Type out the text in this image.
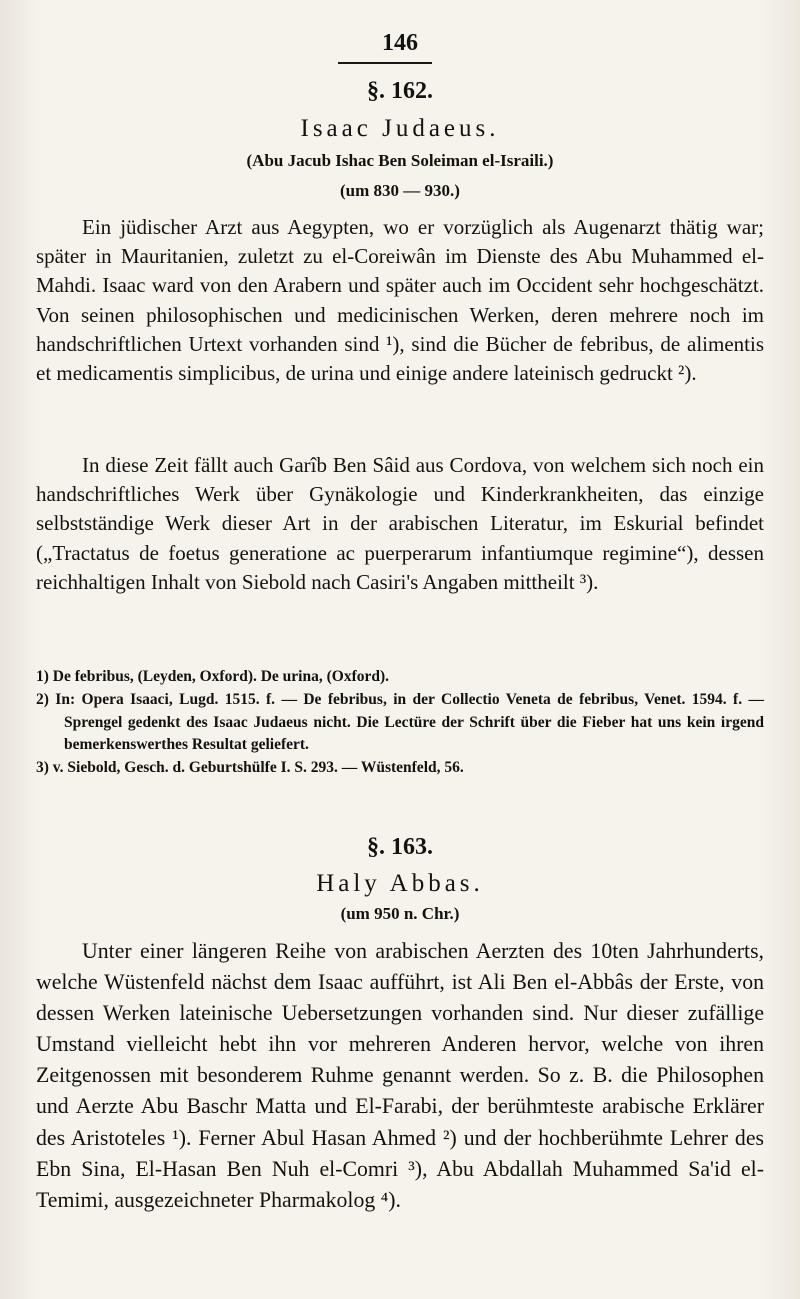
146
§. 162.
Isaac Judaeus.
(Abu Jacub Ishac Ben Soleiman el-Israili.)
(um 830 — 930.)

Ein jüdischer Arzt aus Aegypten, wo er vorzüglich als Augenarzt thätig war; später in Mauritanien, zuletzt zu el-Coreiwân im Dienste des Abu Muhammed el-Mahdi. Isaac ward von den Arabern und später auch im Occident sehr hochgeschätzt. Von seinen philosophischen und medicinischen Werken, deren mehrere noch im handschriftlichen Urtext vorhanden sind ¹), sind die Bücher de febribus, de alimentis et medicamentis simplicibus, de urina und einige andere lateinisch gedruckt ²).

In diese Zeit fällt auch Garîb Ben Sâid aus Cordova, von welchem sich noch ein handschriftliches Werk über Gynäkologie und Kinderkrankheiten, das einzige selbstständige Werk dieser Art in der arabischen Literatur, im Eskurial befindet („Tractatus de foetus generatione ac puerperarum infantiumque regimine“), dessen reichhaltigen Inhalt von Siebold nach Casiri's Angaben mittheilt ³).

1) De febribus, (Leyden, Oxford). De urina, (Oxford).
2) In: Opera Isaaci, Lugd. 1515. f. — De febribus, in der Collectio Veneta de febribus, Venet. 1594. f. — Sprengel gedenkt des Isaac Judaeus nicht. Die Lectüre der Schrift über die Fieber hat uns kein irgend bemerkenswerthes Resultat geliefert.
3) v. Siebold, Gesch. d. Geburtshülfe I. S. 293. — Wüstenfeld, 56.
§. 163.
Haly Abbas.
(um 950 n. Chr.)

Unter einer längeren Reihe von arabischen Aerzten des 10ten Jahrhunderts, welche Wüstenfeld nächst dem Isaac aufführt, ist Ali Ben el-Abbâs der Erste, von dessen Werken lateinische Uebersetzungen vorhanden sind. Nur dieser zufällige Umstand vielleicht hebt ihn vor mehreren Anderen hervor, welche von ihren Zeitgenossen mit besonderem Ruhme genannt werden. So z. B. die Philosophen und Aerzte Abu Baschr Matta und El-Farabi, der berühmteste arabische Erklärer des Aristoteles ¹). Ferner Abul Hasan Ahmed ²) und der hochberühmte Lehrer des Ebn Sina, El-Hasan Ben Nuh el-Comri ³), Abu Abdallah Muhammed Sa'id el-Temimi, ausgezeichneter Pharmakolog ⁴).
